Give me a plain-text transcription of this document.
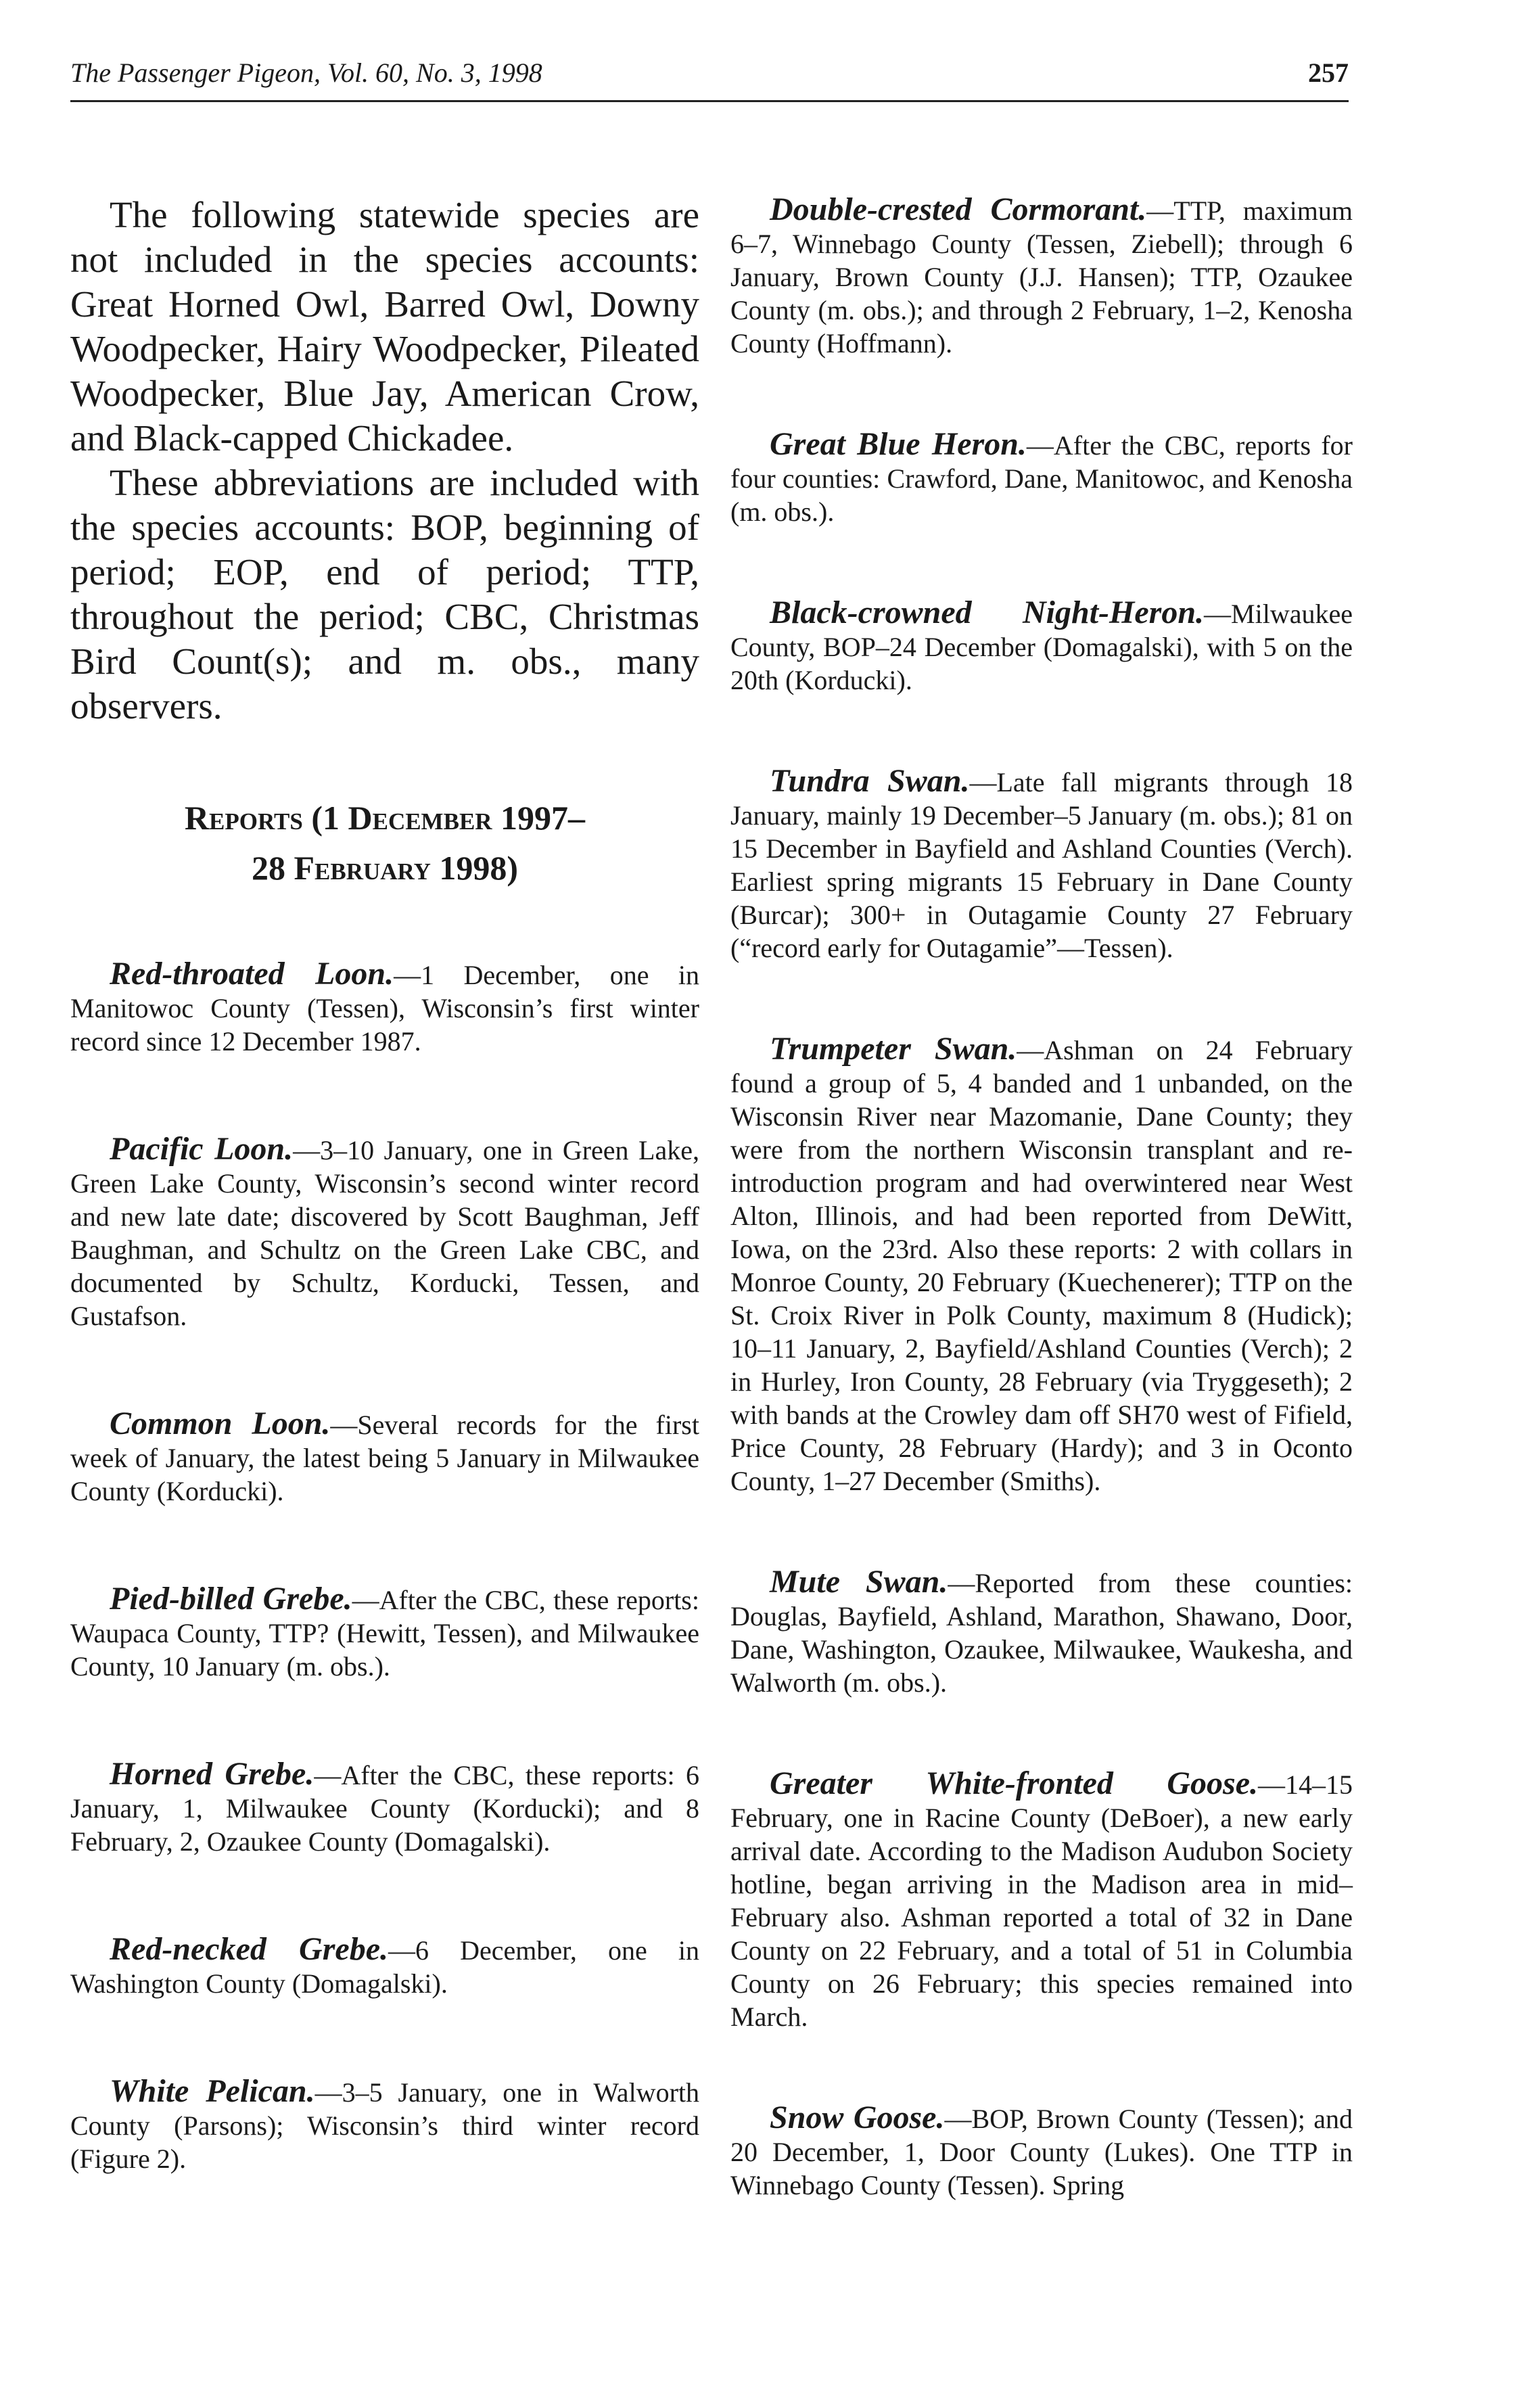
The Passenger Pigeon, Vol. 60, No. 3, 1998	257

The following statewide species are not included in the species accounts: Great Horned Owl, Barred Owl, Downy Woodpecker, Hairy Woodpecker, Pileated Woodpecker, Blue Jay, American Crow, and Black-capped Chickadee.

These abbreviations are included with the species accounts: BOP, beginning of period; EOP, end of period; TTP, throughout the period; CBC, Christmas Bird Count(s); and m. obs., many observers.

Reports (1 December 1997–
28 February 1998)

Red-throated Loon.—1 December, one in Manitowoc County (Tessen), Wisconsin’s first winter record since 12 December 1987.

Pacific Loon.—3–10 January, one in Green Lake, Green Lake County, Wisconsin’s second winter record and new late date; discovered by Scott Baughman, Jeff Baughman, and Schultz on the Green Lake CBC, and documented by Schultz, Korducki, Tessen, and Gustafson.

Common Loon.—Several records for the first week of January, the latest being 5 January in Milwaukee County (Korducki).

Pied-billed Grebe.—After the CBC, these reports: Waupaca County, TTP? (Hewitt, Tessen), and Milwaukee County, 10 January (m. obs.).

Horned Grebe.—After the CBC, these reports: 6 January, 1, Milwaukee County (Korducki); and 8 February, 2, Ozaukee County (Domagalski).

Red-necked Grebe.—6 December, one in Washington County (Domagalski).

White Pelican.—3–5 January, one in Walworth County (Parsons); Wisconsin’s third winter record (Figure 2).

Double-crested Cormorant.—TTP, maximum 6–7, Winnebago County (Tessen, Ziebell); through 6 January, Brown County (J.J. Hansen); TTP, Ozaukee County (m. obs.); and through 2 February, 1–2, Kenosha County (Hoffmann).

Great Blue Heron.—After the CBC, reports for four counties: Crawford, Dane, Manitowoc, and Kenosha (m. obs.).

Black-crowned Night-Heron.—Milwaukee County, BOP–24 December (Domagalski), with 5 on the 20th (Korducki).

Tundra Swan.—Late fall migrants through 18 January, mainly 19 December–5 January (m. obs.); 81 on 15 December in Bayfield and Ashland Counties (Verch). Earliest spring migrants 15 February in Dane County (Burcar); 300+ in Outagamie County 27 February (“record early for Outagamie”—Tessen).

Trumpeter Swan.—Ashman on 24 February found a group of 5, 4 banded and 1 unbanded, on the Wisconsin River near Mazomanie, Dane County; they were from the northern Wisconsin transplant and re-introduction program and had overwintered near West Alton, Illinois, and had been reported from DeWitt, Iowa, on the 23rd. Also these reports: 2 with collars in Monroe County, 20 February (Kuechenerer); TTP on the St. Croix River in Polk County, maximum 8 (Hudick); 10–11 January, 2, Bayfield/Ashland Counties (Verch); 2 in Hurley, Iron County, 28 February (via Tryggeseth); 2 with bands at the Crowley dam off SH70 west of Fifield, Price County, 28 February (Hardy); and 3 in Oconto County, 1–27 December (Smiths).

Mute Swan.—Reported from these counties: Douglas, Bayfield, Ashland, Marathon, Shawano, Door, Dane, Washington, Ozaukee, Milwaukee, Waukesha, and Walworth (m. obs.).

Greater White-fronted Goose.—14–15 February, one in Racine County (DeBoer), a new early arrival date. According to the Madison Audubon Society hotline, began arriving in the Madison area in mid–February also. Ashman reported a total of 32 in Dane County on 22 February, and a total of 51 in Columbia County on 26 February; this species remained into March.

Snow Goose.—BOP, Brown County (Tessen); and 20 December, 1, Door County (Lukes). One TTP in Winnebago County (Tessen). Spring
